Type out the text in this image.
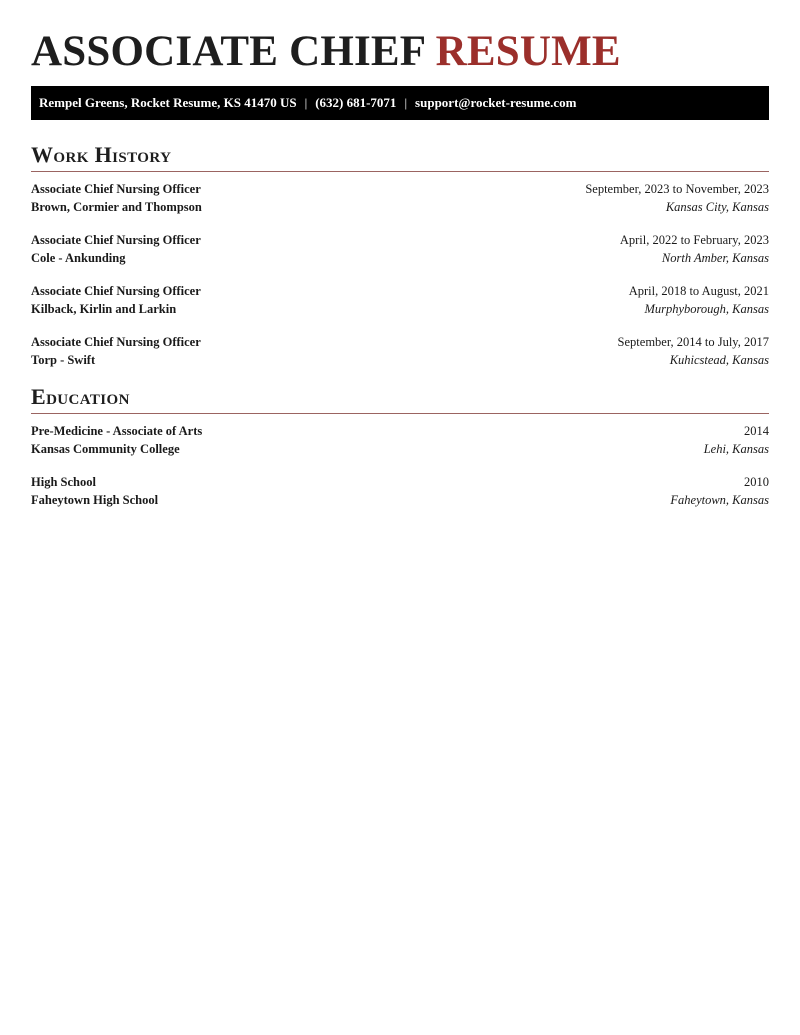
ASSOCIATE CHIEF RESUME
Rempel Greens, Rocket Resume, KS 41470 US | (632) 681-7071 | support@rocket-resume.com
Work History
Associate Chief Nursing Officer	September, 2023 to November, 2023
Brown, Cormier and Thompson	Kansas City, Kansas
Associate Chief Nursing Officer	April, 2022 to February, 2023
Cole - Ankunding	North Amber, Kansas
Associate Chief Nursing Officer	April, 2018 to August, 2021
Kilback, Kirlin and Larkin	Murphyborough, Kansas
Associate Chief Nursing Officer	September, 2014 to July, 2017
Torp - Swift	Kuhicstead, Kansas
Education
Pre-Medicine - Associate of Arts	2014
Kansas Community College	Lehi, Kansas
High School	2010
Faheytown High School	Faheytown, Kansas
